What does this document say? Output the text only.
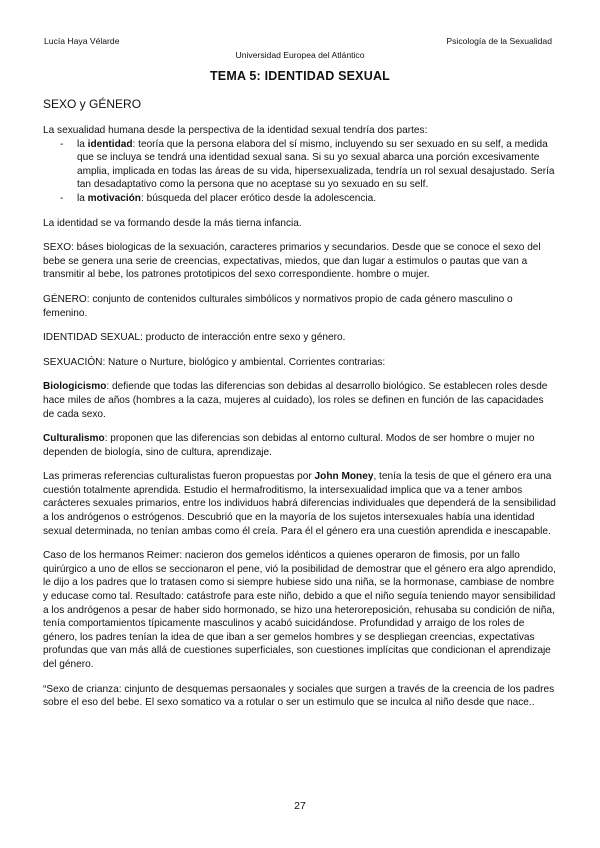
Lucía Haya Vélarde	Psicología de la Sexualidad
Universidad Europea del Atlántico
TEMA 5: IDENTIDAD SEXUAL
SEXO y GÉNERO

La sexualidad humana desde la perspectiva de la identidad sexual tendría dos partes:

- la identidad: teoría que la persona elabora del sí mismo, incluyendo su ser sexuado en su self, a medida que se incluya se tendrá una identidad sexual sana. Si su yo sexual abarca una porción excesivamente amplia, implicada en todas las áreas de su vida, hipersexualizada, tendría un rol sexual desajustado. Sería tan desadaptativo como la persona que no aceptase su yo sexuado en su self.
- la motivación: búsqueda del placer erótico desde la adolescencia.

La identidad se va formando desde la más tierna infancia.

SEXO: báses biologicas de la sexuación, caracteres primarios y secundarios. Desde que se conoce el sexo del bebe se genera una serie de creencias, expectativas, miedos, que dan lugar a estimulos o pautas que van a transmitir al bebe, los patrones prototipicos del sexo correspondiente. hombre o mujer.

GÉNERO: conjunto de contenidos culturales simbólicos y normativos propio de cada género masculino o femenino.

IDENTIDAD SEXUAL: producto de interacción entre sexo y género.

SEXUACIÓN: Nature o Nurture, biológico y ambiental. Corrientes contrarias:

Biologicismo: defiende que todas las diferencias son debidas al desarrollo biológico. Se establecen roles desde hace miles de años (hombres a la caza, mujeres al cuidado), los roles se definen en función de las capacidades de cada sexo.

Culturalismo: proponen que las diferencias son debidas al entorno cultural. Modos de ser hombre o mujer no dependen de biología, sino de cultura, aprendizaje.

Las primeras referencias culturalistas fueron propuestas por John Money, tenía la tesis de que el género era una cuestión totalmente aprendida. Estudio el hermafroditismo, la intersexualidad implica que va a tener ambos carácteres sexuales primarios, entre los individuos habrá diferencias individuales que dependerá de la sensibilidad a los andrógenos o estrógenos. Descubrió que en la mayoría de los sujetos intersexuales había una identidad sexual determinada, no tenían ambas como él creía. Para él el género era una cuestión aprendida e inescapable.

Caso de los hermanos Reimer: nacieron dos gemelos idénticos a quienes operaron de fimosis, por un fallo quirúrgico a uno de ellos se seccionaron el pene, vió la posibilidad de demostrar que el género era algo aprendido, le dijo a los padres que lo tratasen como si siempre hubiese sido una niña, se la hormonase, cambiase de nombre y educase como tal. Resultado: catástrofe para este niño, debido a que el niño seguía teniendo mayor sensibilidad a los andrógenos a pesar de haber sido hormonado, se hizo una heteroreposición, rehusaba su condición de niña, tenía comportamientos típicamente masculinos y acabó suicidándose. Profundidad y arraigo de los roles de género, los padres tenían la idea de que iban a ser gemelos hombres y se despliegan creencias, expectativas profundas que van más allá de cuestiones superficiales, son cuestiones implícitas que condicionan el aprendizaje del género.

“Sexo de crianza: cinjunto de desquemas persaonales y sociales que surgen a través de la creencia de los padres sobre el eso del bebe. El sexo somatico va a rotular o ser un estimulo que se inculca al niño desde que nace..

27
